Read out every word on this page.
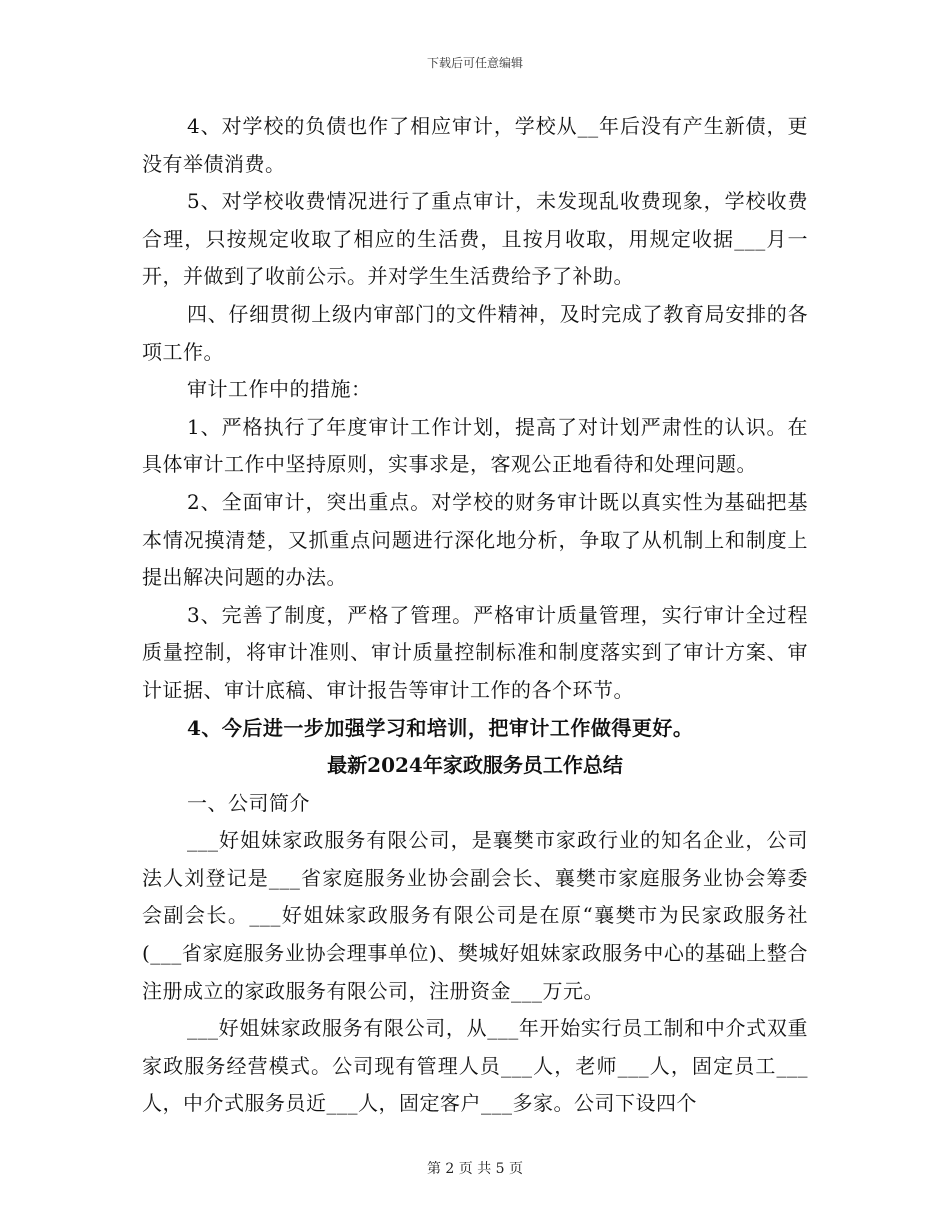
下载后可任意编辑

4、对学校的负债也作了相应审计，学校从__年后没有产生新债，更没有举债消费。

5、对学校收费情况进行了重点审计，未发现乱收费现象，学校收费合理，只按规定收取了相应的生活费，且按月收取，用规定收据___月一开，并做到了收前公示。并对学生生活费给予了补助。

四、仔细贯彻上级内审部门的文件精神，及时完成了教育局安排的各项工作。

审计工作中的措施：

1、严格执行了年度审计工作计划，提高了对计划严肃性的认识。在具体审计工作中坚持原则，实事求是，客观公正地看待和处理问题。

2、全面审计，突出重点。对学校的财务审计既以真实性为基础把基本情况摸清楚，又抓重点问题进行深化地分析，争取了从机制上和制度上提出解决问题的办法。

3、完善了制度，严格了管理。严格审计质量管理，实行审计全过程质量控制，将审计准则、审计质量控制标准和制度落实到了审计方案、审计证据、审计底稿、审计报告等审计工作的各个环节。

4、今后进一步加强学习和培训，把审计工作做得更好。

最新2024年家政服务员工作总结

一、公司简介

___好姐妹家政服务有限公司，是襄樊市家政行业的知名企业，公司法人刘登记是___省家庭服务业协会副会长、襄樊市家庭服务业协会筹委会副会长。___好姐妹家政服务有限公司是在原“襄樊市为民家政服务社(___省家庭服务业协会理事单位)、樊城好姐妹家政服务中心的基础上整合注册成立的家政服务有限公司，注册资金___万元。

___好姐妹家政服务有限公司，从___年开始实行员工制和中介式双重家政服务经营模式。公司现有管理人员___人，老师___人，固定员工___人，中介式服务员近___人，固定客户___多家。公司下设四个

第 2 页 共 5 页
